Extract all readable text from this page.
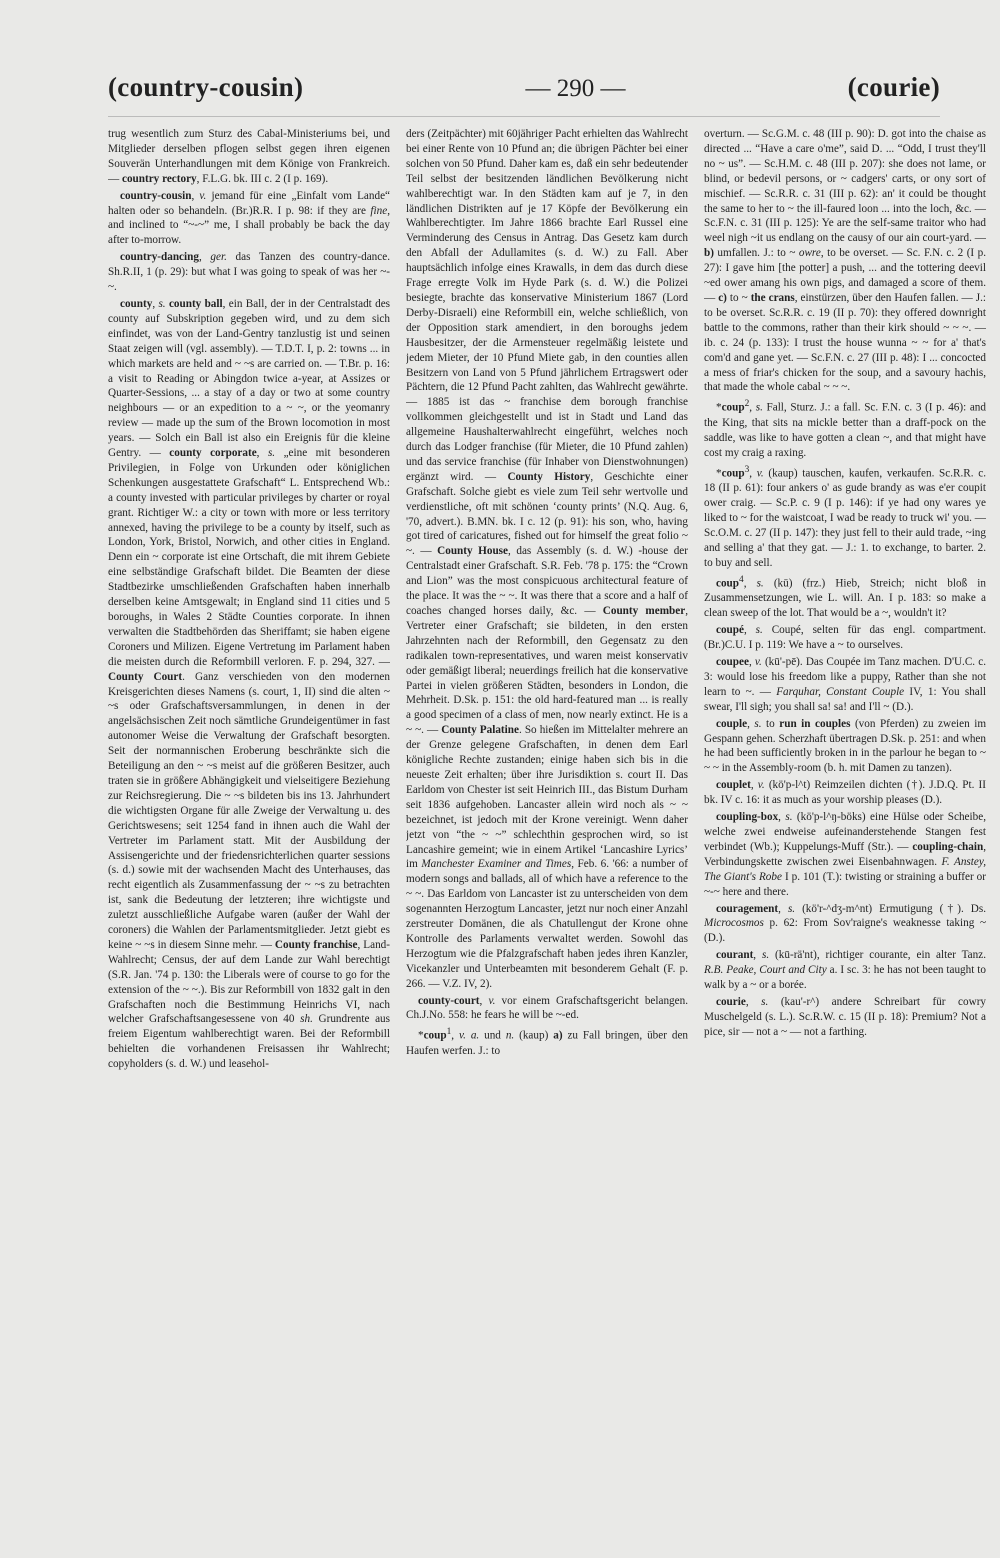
(country-cousin)	— 290 —	(courie)

trug wesentlich zum Sturz des Cabal-Ministeriums bei, und Mitglieder derselben pflogen selbst gegen ihren eigenen Souverän Unterhandlungen mit dem Könige von Frankreich. — country rectory, F.L.G. bk. III c. 2 (I p. 169).

country-cousin, v. jemand für eine „Einfalt vom Lande“ halten oder so behandeln. (Br.)R.R. I p. 98: if they are fine, and inclined to “~-~” me, I shall probably be back the day after to-morrow.

country-dancing, ger. das Tanzen des country-dance. Sh.R.II, 1 (p. 29): but what I was going to speak of was her ~-~.

county, s. county ball, ein Ball, der in der Centralstadt des county auf Subskription gegeben wird, und zu dem sich einfindet, was von der Land-Gentry tanzlustig ist und seinen Staat zeigen will (vgl. assembly). — T.D.T. I, p. 2: towns ... in which markets are held and ~ ~s are carried on. — T.Br. p. 16: a visit to Reading or Abingdon twice a-year, at Assizes or Quarter-Sessions, ... a stay of a day or two at some country neighbours — or an expedition to a ~ ~, or the yeomanry review — made up the sum of the Brown locomotion in most years. — Solch ein Ball ist also ein Ereignis für die kleine Gentry. — county corporate, s. „eine mit besonderen Privilegien, in Folge von Urkunden oder königlichen Schenkungen ausgestattete Grafschaft“ L. Entsprechend Wb.: a county invested with particular privileges by charter or royal grant. Richtiger W.: a city or town with more or less territory annexed, having the privilege to be a county by itself, such as London, York, Bristol, Norwich, and other cities in England. Denn ein ~ corporate ist eine Ortschaft, die mit ihrem Gebiete eine selbständige Grafschaft bildet. Die Beamten der diese Stadtbezirke umschließenden Grafschaften haben innerhalb derselben keine Amtsgewalt; in England sind 11 cities und 5 boroughs, in Wales 2 Städte Counties corporate. In ihnen verwalten die Stadtbehörden das Sheriffamt; sie haben eigene Coroners und Milizen. Eigene Vertretung im Parlament haben die meisten durch die Reformbill verloren. F. p. 294, 327. — County Court. Ganz verschieden von den modernen Kreisgerichten dieses Namens (s. court, 1, II) sind die alten ~ ~s oder Grafschaftsversammlungen, in denen in der angelsächsischen Zeit noch sämtliche Grundeigentümer in fast autonomer Weise die Verwaltung der Grafschaft besorgten. Seit der normannischen Eroberung beschränkte sich die Beteiligung an den ~ ~s meist auf die größeren Besitzer, auch traten sie in größere Abhängigkeit und vielseitigere Beziehung zur Reichsregierung. Die ~ ~s bildeten bis ins 13. Jahrhundert die wichtigsten Organe für alle Zweige der Verwaltung u. des Gerichtswesens; seit 1254 fand in ihnen auch die Wahl der Vertreter im Parlament statt. Mit der Ausbildung der Assisengerichte und der friedensrichterlichen quarter sessions (s. d.) sowie mit der wachsenden Macht des Unterhauses, das recht eigentlich als Zusammenfassung der ~ ~s zu betrachten ist, sank die Bedeutung der letzteren; ihre wichtigste und zuletzt ausschließliche Aufgabe waren (außer der Wahl der coroners) die Wahlen der Parlamentsmitglieder. Jetzt giebt es keine ~ ~s in diesem Sinne mehr. — County franchise, Land-Wahlrecht; Census, der auf dem Lande zur Wahl berechtigt (S.R. Jan. '74 p. 130: the Liberals were of course to go for the extension of the ~ ~.). Bis zur Reformbill von 1832 galt in den Grafschaften noch die Bestimmung Heinrichs VI, nach welcher Grafschaftsangesessene von 40 sh. Grundrente aus freiem Eigentum wahlberechtigt waren. Bei der Reformbill behielten die vorhandenen Freisassen ihr Wahlrecht; copyholders (s. d. W.) und leasehol-

ders (Zeitpächter) mit 60jähriger Pacht erhielten das Wahlrecht bei einer Rente von 10 Pfund an; die übrigen Pächter bei einer solchen von 50 Pfund. Daher kam es, daß ein sehr bedeutender Teil selbst der besitzenden ländlichen Bevölkerung nicht wahlberechtigt war. In den Städten kam auf je 7, in den ländlichen Distrikten auf je 17 Köpfe der Bevölkerung ein Wahlberechtigter. Im Jahre 1866 brachte Earl Russel eine Verminderung des Census in Antrag. Das Gesetz kam durch den Abfall der Adullamites (s. d. W.) zu Fall. Aber hauptsächlich infolge eines Krawalls, in dem das durch diese Frage erregte Volk im Hyde Park (s. d. W.) die Polizei besiegte, brachte das konservative Ministerium 1867 (Lord Derby-Disraeli) eine Reformbill ein, welche schließlich, von der Opposition stark amendiert, in den boroughs jedem Hausbesitzer, der die Armensteuer regelmäßig leistete und jedem Mieter, der 10 Pfund Miete gab, in den counties allen Besitzern von Land von 5 Pfund jährlichem Ertragswert oder Pächtern, die 12 Pfund Pacht zahlten, das Wahlrecht gewährte. — 1885 ist das ~ franchise dem borough franchise vollkommen gleichgestellt und ist in Stadt und Land das allgemeine Haushalterwahlrecht eingeführt, welches noch durch das Lodger franchise (für Mieter, die 10 Pfund zahlen) und das service franchise (für Inhaber von Dienstwohnungen) ergänzt wird. — County History, Geschichte einer Grafschaft. Solche giebt es viele zum Teil sehr wertvolle und verdienstliche, oft mit schönen ‘county prints’ (N.Q. Aug. 6, '70, advert.). B.MN. bk. I c. 12 (p. 91): his son, who, having got tired of caricatures, fished out for himself the great folio ~ ~. — County House, das Assembly (s. d. W.) -house der Centralstadt einer Grafschaft. S.R. Feb. '78 p. 175: the “Crown and Lion” was the most conspicuous architectural feature of the place. It was the ~ ~. It was there that a score and a half of coaches changed horses daily, &c. — County member, Vertreter einer Grafschaft; sie bildeten, in den ersten Jahrzehnten nach der Reformbill, den Gegensatz zu den radikalen town-representatives, und waren meist konservativ oder gemäßigt liberal; neuerdings freilich hat die konservative Partei in vielen größeren Städten, besonders in London, die Mehrheit. D.Sk. p. 151: the old hard-featured man ... is really a good specimen of a class of men, now nearly extinct. He is a ~ ~. — County Palatine. So hießen im Mittelalter mehrere an der Grenze gelegene Grafschaften, in denen dem Earl königliche Rechte zustanden; einige haben sich bis in die neueste Zeit erhalten; über ihre Jurisdiktion s. court II. Das Earldom von Chester ist seit Heinrich III., das Bistum Durham seit 1836 aufgehoben. Lancaster allein wird noch als ~ ~ bezeichnet, ist jedoch mit der Krone vereinigt. Wenn daher jetzt von “the ~ ~” schlechthin gesprochen wird, so ist Lancashire gemeint; wie in einem Artikel ‘Lancashire Lyrics’ im Manchester Examiner and Times, Feb. 6. '66: a number of modern songs and ballads, all of which have a reference to the ~ ~. Das Earldom von Lancaster ist zu unterscheiden von dem sogenannten Herzogtum Lancaster, jetzt nur noch einer Anzahl zerstreuter Domänen, die als Chatullengut der Krone ohne Kontrolle des Parlaments verwaltet werden. Sowohl das Herzogtum wie die Pfalzgrafschaft haben jedes ihren Kanzler, Vicekanzler und Unterbeamten mit besonderem Gehalt (F. p. 266. — V.Z. IV, 2).

county-court, v. vor einem Grafschaftsgericht belangen. Ch.J.No. 558: he fears he will be ~-ed.

*coup$^1$, v. a. und n. (kaup) a) zu Fall bringen, über den Haufen werfen. J.: to

overturn. — Sc.G.M. c. 48 (III p. 90): D. got into the chaise as directed ... “Have a care o'me”, said D. ... “Odd, I trust they'll no ~ us”. — Sc.H.M. c. 48 (III p. 207): she does not lame, or blind, or bedevil persons, or ~ cadgers' carts, or ony sort of mischief. — Sc.R.R. c. 31 (III p. 62): an' it could be thought the same to her to ~ the ill-faured loon ... into the loch, &c. — Sc.F.N. c. 31 (III p. 125): Ye are the self-same traitor who had weel nigh ~it us endlang on the causy of our ain court-yard. — b) umfallen. J.: to ~ owre, to be overset. — Sc. F.N. c. 2 (I p. 27): I gave him [the potter] a push, ... and the tottering deevil ~ed ower amang his own pigs, and damaged a score of them. — c) to ~ the crans, einstürzen, über den Haufen fallen. — J.: to be overset. Sc.R.R. c. 19 (II p. 70): they offered downright battle to the commons, rather than their kirk should ~ ~ ~. — ib. c. 24 (p. 133): I trust the house wunna ~ ~ for a' that's com'd and gane yet. — Sc.F.N. c. 27 (III p. 48): I ... concocted a mess of friar's chicken for the soup, and a savoury hachis, that made the whole cabal ~ ~ ~.

*coup$^2$, s. Fall, Sturz. J.: a fall. Sc. F.N. c. 3 (I p. 46): and the King, that sits na mickle better than a draff-pock on the saddle, was like to have gotten a clean ~, and that might have cost my craig a raxing.

*coup$^3$, v. (kaup) tauschen, kaufen, verkaufen. Sc.R.R. c. 18 (II p. 61): four ankers o' as gude brandy as was e'er coupit ower craig. — Sc.P. c. 9 (I p. 146): if ye had ony wares ye liked to ~ for the waistcoat, I wad be ready to truck wi' you. — Sc.O.M. c. 27 (II p. 147): they just fell to their auld trade, ~ing and selling a' that they gat. — J.: 1. to exchange, to barter. 2. to buy and sell.

coup$^4$, s. (kū) (frz.) Hieb, Streich; nicht bloß in Zusammensetzungen, wie L. will. An. I p. 183: so make a clean sweep of the lot. That would be a ~, wouldn't it?

coupé, s. Coupé, selten für das engl. compartment. (Br.)C.U. I p. 119: We have a ~ to ourselves.

coupee, v. (kū'-pē). Das Coupée im Tanz machen. D'U.C. c. 3: would lose his freedom like a puppy, Rather than she not learn to ~. — Farquhar, Constant Couple IV, 1: You shall swear, I'll sigh; you shall sa! sa! and I'll ~ (D.).

couple, s. to run in couples (von Pferden) zu zweien im Gespann gehen. Scherzhaft übertragen D.Sk. p. 251: and when he had been sufficiently broken in in the parlour he began to ~ ~ ~ in the Assembly-room (b. h. mit Damen zu tanzen).

couplet, v. (kö'p-l^t) Reimzeilen dichten (†). J.D.Q. Pt. II bk. IV c. 16: it as much as your worship pleases (D.).

coupling-box, s. (kö'p-l^ŋ-böks) eine Hülse oder Scheibe, welche zwei endweise aufeinanderstehende Stangen fest verbindet (Wb.); Kuppelungs-Muff (Str.). — coupling-chain, Verbindungskette zwischen zwei Eisenbahnwagen. F. Anstey, The Giant's Robe I p. 101 (T.): twisting or straining a buffer or ~-~ here and there.

couragement, s. (kö'r-^dʒ-m^nt) Ermutigung (†). Ds. Microcosmos p. 62: From Sov'raigne's weaknesse taking ~ (D.).

courant, s. (kū-rä'nt), richtiger courante, ein alter Tanz. R.B. Peake, Court and City a. I sc. 3: he has not been taught to walk by a ~ or a borée.

courie, s. (kau'-r^) andere Schreibart für cowry Muschelgeld (s. L.). Sc.R.W. c. 15 (II p. 18): Premium? Not a pice, sir — not a ~ — not a farthing.
